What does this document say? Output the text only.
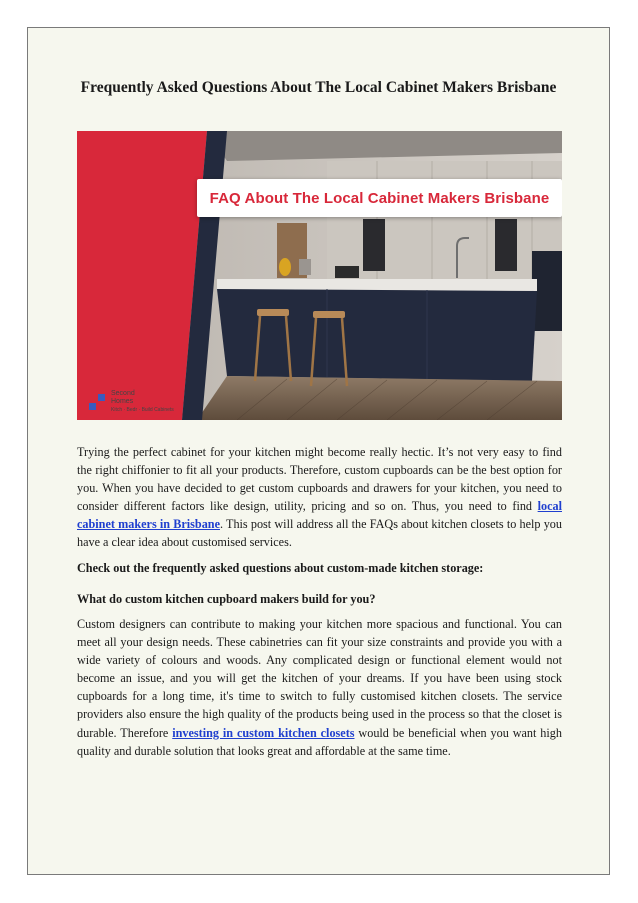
Frequently Asked Questions About The Local Cabinet Makers Brisbane
FAQ About The Local Cabinet Makers Brisbane
Second
Homes
Kitch · Bedr · Build Cabinets

Trying the perfect cabinet for your kitchen might become really hectic. It’s not very easy to find the right chiffonier to fit all your products. Therefore, custom cupboards can be the best option for you. When you have decided to get custom cupboards and drawers for your kitchen, you need to consider different factors like design, utility, pricing and so on. Thus, you need to find local cabinet makers in Brisbane. This post will address all the FAQs about kitchen closets to help you have a clear idea about customised services.

Check out the frequently asked questions about custom-made kitchen storage:

What do custom kitchen cupboard makers build for you?

Custom designers can contribute to making your kitchen more spacious and functional. You can meet all your design needs. These cabinetries can fit your size constraints and provide you with a wide variety of colours and woods. Any complicated design or functional element would not become an issue, and you will get the kitchen of your dreams. If you have been using stock cupboards for a long time, it's time to switch to fully customised kitchen closets. The service providers also ensure the high quality of the products being used in the process so that the closet is durable. Therefore investing in custom kitchen closets would be beneficial when you want high quality and durable solution that looks great and affordable at the same time.
